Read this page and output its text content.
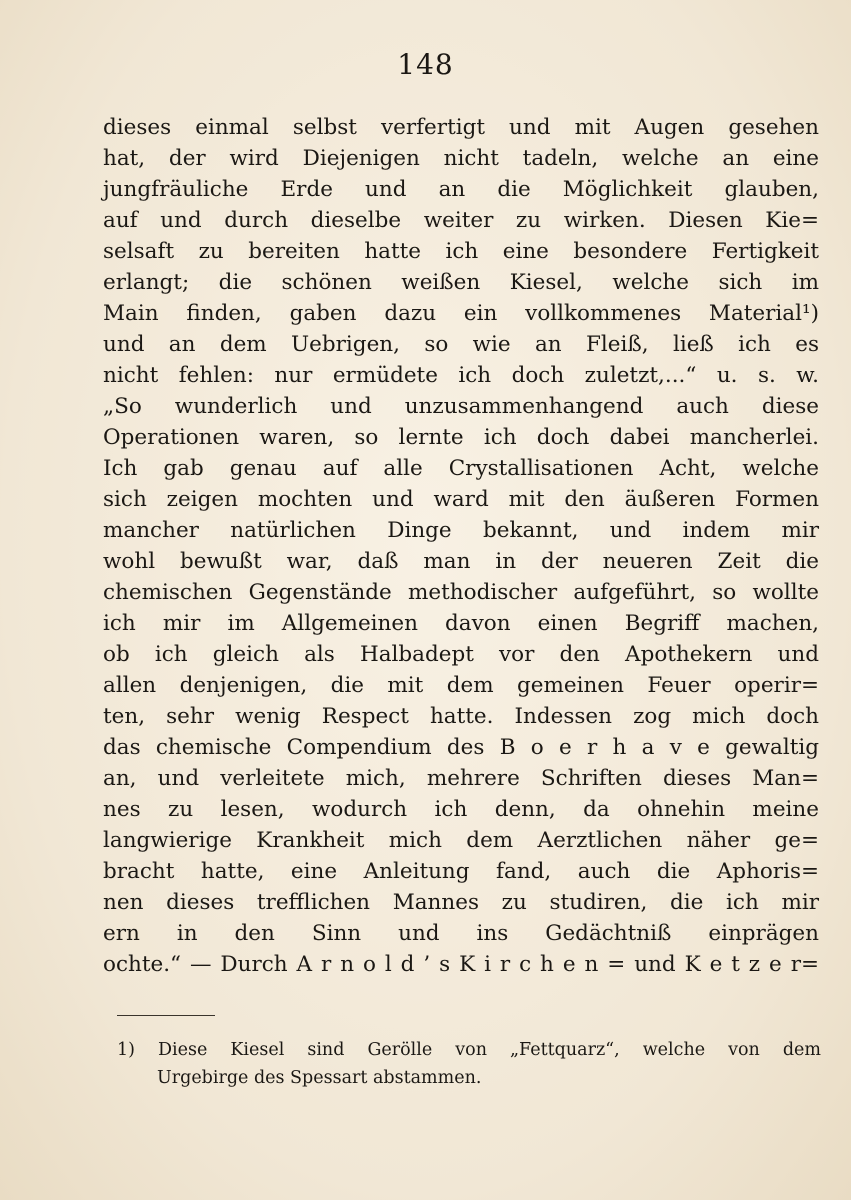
148
dieses einmal selbst verfertigt und mit Augen gesehen
hat, der wird Diejenigen nicht tadeln, welche an eine
jungfräuliche Erde und an die Möglichkeit glauben,
auf und durch dieselbe weiter zu wirken. Diesen Kie=
selsaft zu bereiten hatte ich eine besondere Fertigkeit
erlangt; die schönen weißen Kiesel, welche sich im
Main finden, gaben dazu ein vollkommenes Material¹)
und an dem Uebrigen, so wie an Fleiß, ließ ich es
nicht fehlen: nur ermüdete ich doch zuletzt,...“ u. s. w.
„So wunderlich und unzusammenhangend auch diese
Operationen waren, so lernte ich doch dabei mancherlei.
Ich gab genau auf alle Crystallisationen Acht, welche
sich zeigen mochten und ward mit den äußeren Formen
mancher natürlichen Dinge bekannt, und indem mir
wohl bewußt war, daß man in der neueren Zeit die
chemischen Gegenstände methodischer aufgeführt, so wollte
ich mir im Allgemeinen davon einen Begriff machen,
ob ich gleich als Halbadept vor den Apothekern und
allen denjenigen, die mit dem gemeinen Feuer operir=
ten, sehr wenig Respect hatte. Indessen zog mich doch
das chemische Compendium des B o e r h a v e gewaltig
an, und verleitete mich, mehrere Schriften dieses Man=
nes zu lesen, wodurch ich denn, da ohnehin meine
langwierige Krankheit mich dem Aerztlichen näher ge=
bracht hatte, eine Anleitung fand, auch die Aphoris=
nen dieses trefflichen Mannes zu studiren, die ich mir
ern in den Sinn und ins Gedächtniß einprägen
ochte.“ — Durch A r n o l d ’ s K i r c h e n = und K e t z e r=
1) Diese Kiesel sind Gerölle von „Fettquarz“, welche von dem
Urgebirge des Spessart abstammen.
